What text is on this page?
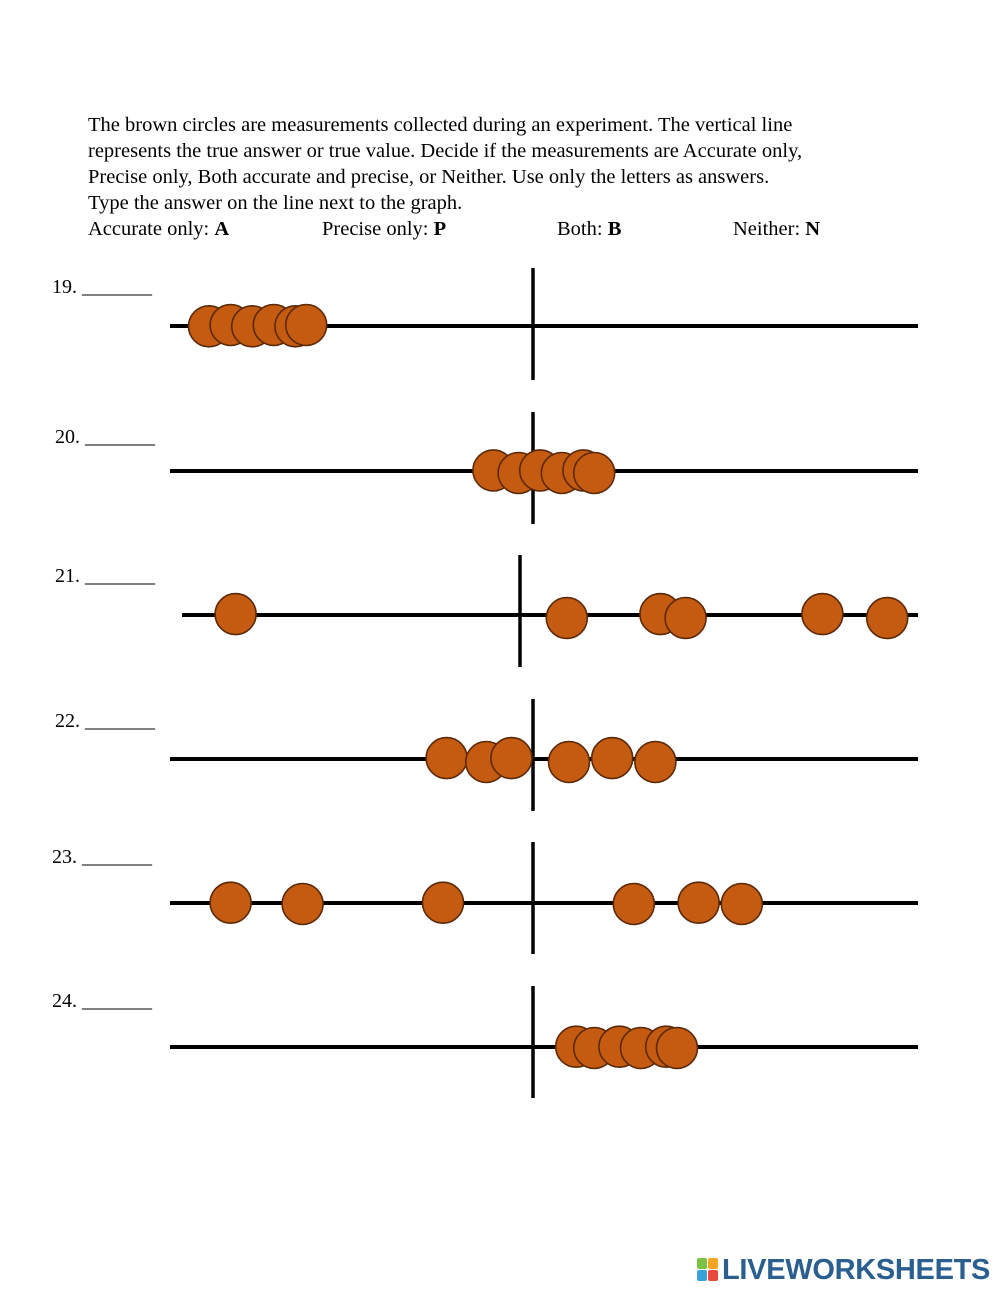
The brown circles are measurements collected during an experiment. The vertical line

represents the true answer or true value. Decide if the measurements are Accurate only,

Precise only, Both accurate and precise, or Neither. Use only the letters as answers.

Type the answer on the line next to the graph.

Accurate only: A	Precise only: P	Both: B	Neither: N
19. _______
20. _______
21. _______
22. _______
23. _______
24. _______
LIVEWORKSHEETS
